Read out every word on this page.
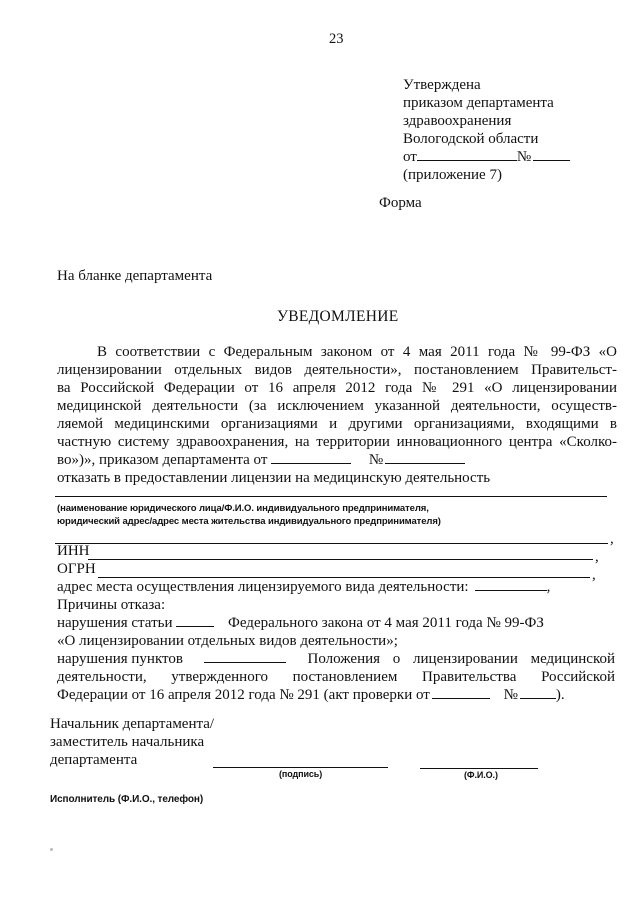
23
Утверждена
приказом департамента
здравоохранения
Вологодской области
от	№
(приложение 7)
Форма
На бланке департамента
УВЕДОМЛЕНИЕ
В соответствии с Федеральным законом от 4 мая 2011 года № 99-ФЗ «О
лицензировании отдельных видов деятельности», постановлением Правительст-
ва Российской Федерации от 16 апреля 2012 года № 291 «О лицензировании
медицинской деятельности (за исключением указанной деятельности, осуществ-
ляемой медицинскими организациями и другими организациями, входящими в
частную систему здравоохранения, на территории инновационного центра «Сколко-
во»)», приказом департамента от	№
отказать в предоставлении лицензии на медицинскую деятельность
(наименование юридического лица/Ф.И.О. индивидуального предпринимателя,
юридический адрес/адрес места жительства индивидуального предпринимателя)
,
ИНН	,
ОГРН	,
адрес места осуществления лицензируемого вида деятельности:	,
Причины отказа:
нарушения статьи	Федерального закона от 4 мая 2011 года № 99-ФЗ
«О лицензировании отдельных видов деятельности»;
нарушения пунктов	Положения о лицензировании медицинской
деятельности, утвержденного постановлением Правительства Российской
Федерации от 16 апреля 2012 года № 291 (акт проверки от	№	).
Начальник департамента/
заместитель начальника
департамента
(подпись)	(Ф.И.О.)
Исполнитель (Ф.И.О., телефон)
